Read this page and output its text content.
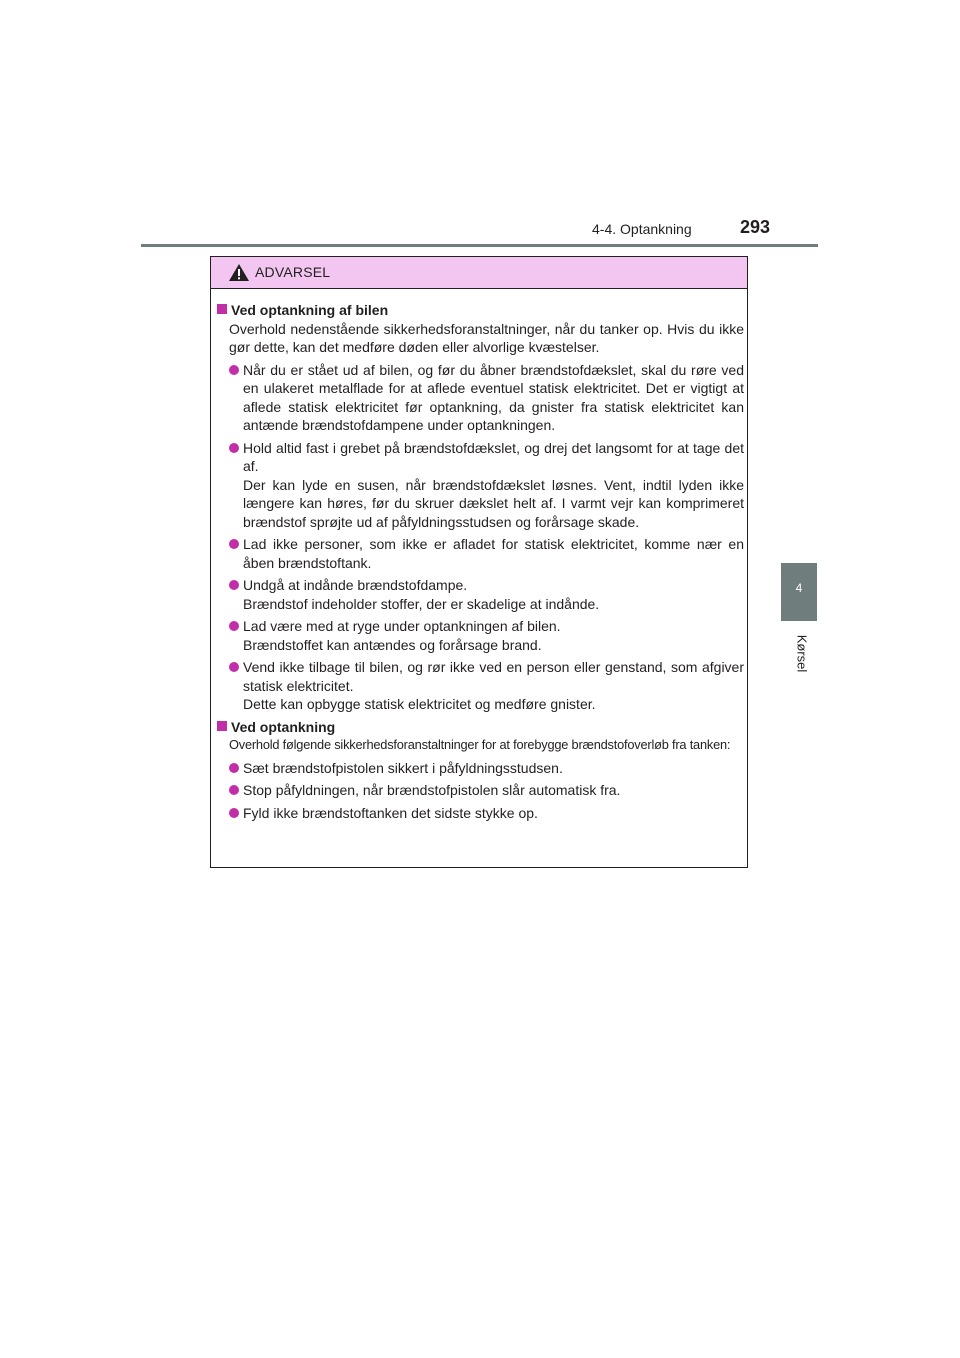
4-4. Optankning	293
4
Kørsel
ADVARSEL
Ved optankning af bilen

Overhold nedenstående sikkerhedsforanstaltninger, når du tanker op. Hvis du ikke gør dette, kan det medføre døden eller alvorlige kvæstelser.

Når du er stået ud af bilen, og før du åbner brændstofdækslet, skal du røre ved en ulakeret metalflade for at aflede eventuel statisk elektricitet. Det er vigtigt at aflede statisk elektricitet før optankning, da gnister fra statisk elektricitet kan antænde brændstofdampene under optankningen.

Hold altid fast i grebet på brændstofdækslet, og drej det langsomt for at tage det af.

Der kan lyde en susen, når brændstofdækslet løsnes. Vent, indtil lyden ikke længere kan høres, før du skruer dækslet helt af. I varmt vejr kan komprimeret brændstof sprøjte ud af påfyldningsstudsen og forårsage skade.

Lad ikke personer, som ikke er afladet for statisk elektricitet, komme nær en åben brændstoftank.

Undgå at indånde brændstofdampe.

Brændstof indeholder stoffer, der er skadelige at indånde.

Lad være med at ryge under optankningen af bilen.

Brændstoffet kan antændes og forårsage brand.

Vend ikke tilbage til bilen, og rør ikke ved en person eller genstand, som afgiver statisk elektricitet.

Dette kan opbygge statisk elektricitet og medføre gnister.

Ved optankning

Overhold følgende sikkerhedsforanstaltninger for at forebygge brændstofoverløb fra tanken:

Sæt brændstofpistolen sikkert i påfyldningsstudsen.

Stop påfyldningen, når brændstofpistolen slår automatisk fra.

Fyld ikke brændstoftanken det sidste stykke op.
